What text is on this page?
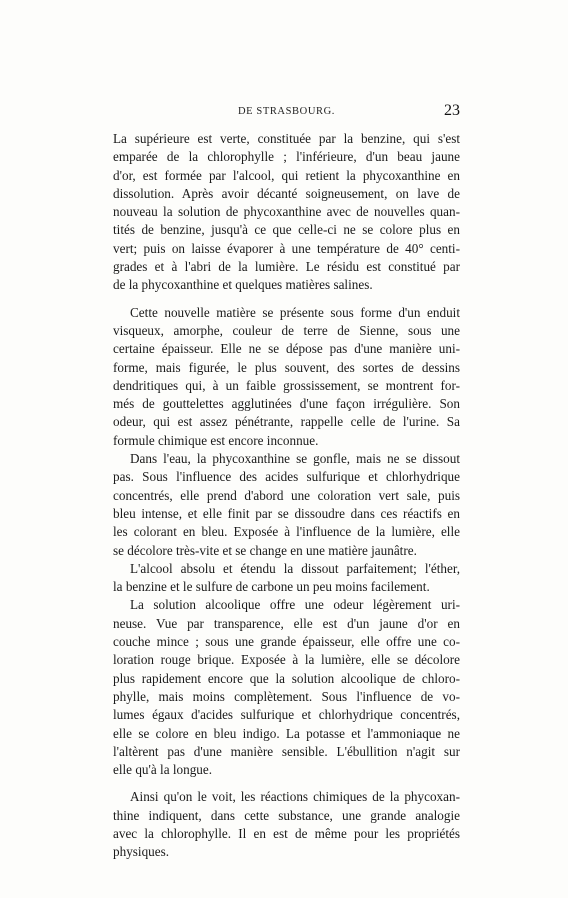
DE STRASBOURG.	23
La supérieure est verte, constituée par la benzine, qui s'est
emparée de la chlorophylle ; l'inférieure, d'un beau jaune
d'or, est formée par l'alcool, qui retient la phycoxanthine en
dissolution. Après avoir décanté soigneusement, on lave de
nouveau la solution de phycoxanthine avec de nouvelles quan-
tités de benzine, jusqu'à ce que celle-ci ne se colore plus en
vert; puis on laisse évaporer à une température de 40° centi-
grades et à l'abri de la lumière. Le résidu est constitué par
de la phycoxanthine et quelques matières salines.
Cette nouvelle matière se présente sous forme d'un enduit
visqueux, amorphe, couleur de terre de Sienne, sous une
certaine épaisseur. Elle ne se dépose pas d'une manière uni-
forme, mais figurée, le plus souvent, des sortes de dessins
dendritiques qui, à un faible grossissement, se montrent for-
més de gouttelettes agglutinées d'une façon irrégulière. Son
odeur, qui est assez pénétrante, rappelle celle de l'urine. Sa
formule chimique est encore inconnue.
Dans l'eau, la phycoxanthine se gonfle, mais ne se dissout
pas. Sous l'influence des acides sulfurique et chlorhydrique
concentrés, elle prend d'abord une coloration vert sale, puis
bleu intense, et elle finit par se dissoudre dans ces réactifs en
les colorant en bleu. Exposée à l'influence de la lumière, elle
se décolore très-vite et se change en une matière jaunâtre.
L'alcool absolu et étendu la dissout parfaitement; l'éther,
la benzine et le sulfure de carbone un peu moins facilement.
La solution alcoolique offre une odeur légèrement uri-
neuse. Vue par transparence, elle est d'un jaune d'or en
couche mince ; sous une grande épaisseur, elle offre une co-
loration rouge brique. Exposée à la lumière, elle se décolore
plus rapidement encore que la solution alcoolique de chloro-
phylle, mais moins complètement. Sous l'influence de vo-
lumes égaux d'acides sulfurique et chlorhydrique concentrés,
elle se colore en bleu indigo. La potasse et l'ammoniaque ne
l'altèrent pas d'une manière sensible. L'ébullition n'agit sur
elle qu'à la longue.
Ainsi qu'on le voit, les réactions chimiques de la phycoxan-
thine indiquent, dans cette substance, une grande analogie
avec la chlorophylle. Il en est de même pour les propriétés
physiques.
